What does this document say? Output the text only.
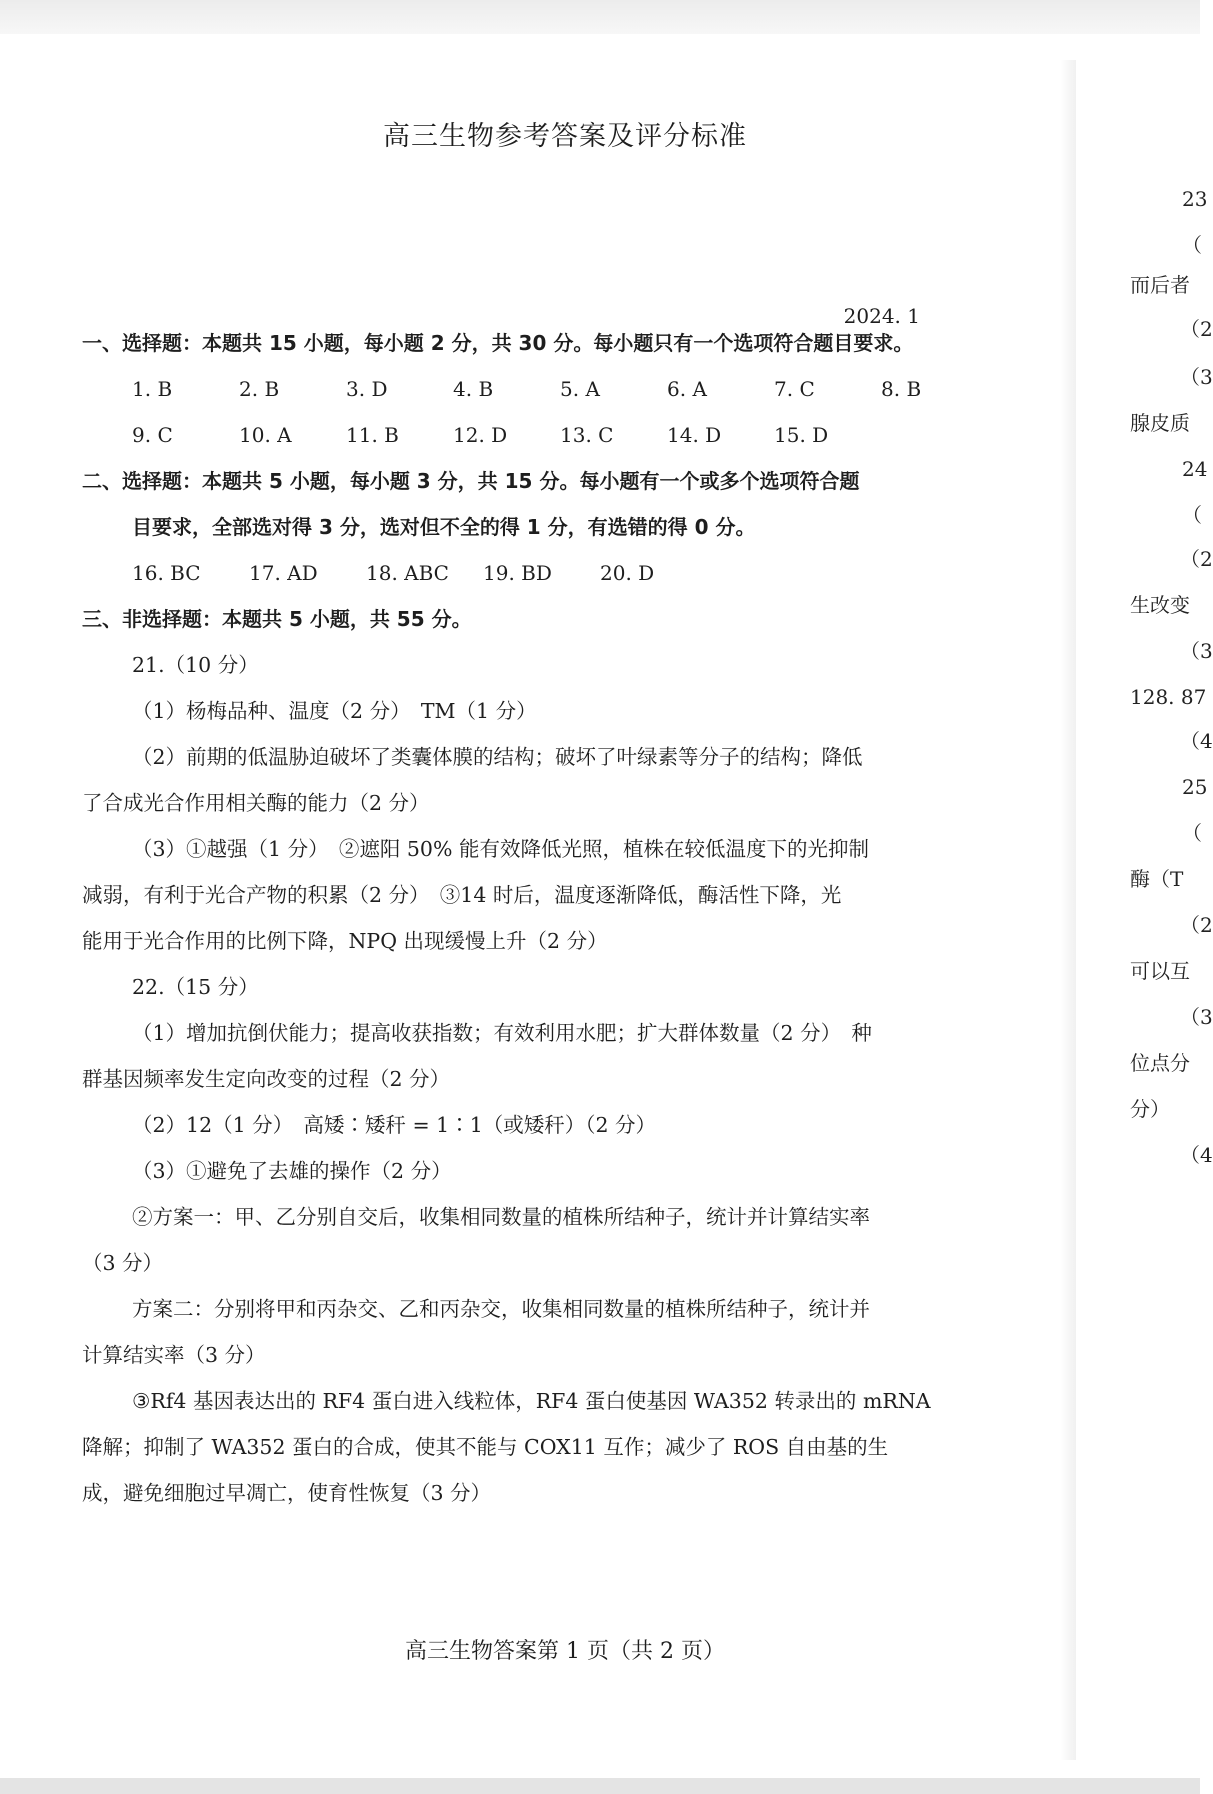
高三生物参考答案及评分标准
2024. 1
一、选择题：本题共 15 小题，每小题 2 分，共 30 分。每小题只有一个选项符合题目要求。
1. B	2. B	3. D	4. B	5. A	6. A	7. C	8. B
9. C	10. A	11. B	12. D	13. C	14. D	15. D
二、选择题：本题共 5 小题，每小题 3 分，共 15 分。每小题有一个或多个选项符合题
目要求，全部选对得 3 分，选对但不全的得 1 分，有选错的得 0 分。
16. BC 17. AD 18. ABC 19. BD 20. D
三、非选择题：本题共 5 小题，共 55 分。
21.（10 分）
（1）杨梅品种、温度（2 分）　TM（1 分）
（2）前期的低温胁迫破坏了类囊体膜的结构；破坏了叶绿素等分子的结构；降低
了合成光合作用相关酶的能力（2 分）
（3）①越强（1 分）　②遮阳 50% 能有效降低光照，植株在较低温度下的光抑制
减弱，有利于光合产物的积累（2 分）　③14 时后，温度逐渐降低，酶活性下降，光
能用于光合作用的比例下降，NPQ 出现缓慢上升（2 分）
22.（15 分）
（1）增加抗倒伏能力；提高收获指数；有效利用水肥；扩大群体数量（2 分）　种
群基因频率发生定向改变的过程（2 分）
（2）12（1 分）　高矮∶矮秆 = 1∶1（或矮秆）（2 分）
（3）①避免了去雄的操作（2 分）
②方案一：甲、乙分别自交后，收集相同数量的植株所结种子，统计并计算结实率
（3 分）
方案二：分别将甲和丙杂交、乙和丙杂交，收集相同数量的植株所结种子，统计并
计算结实率（3 分）
③Rf4 基因表达出的 RF4 蛋白进入线粒体，RF4 蛋白使基因 WA352 转录出的 mRNA
降解；抑制了 WA352 蛋白的合成，使其不能与 COX11 互作；减少了 ROS 自由基的生
成，避免细胞过早凋亡，使育性恢复（3 分）
高三生物答案第 1 页（共 2 页）
23
（
而后者
（2
（3
腺皮质
24
（
（2
生改变
（3
128. 87
（4
25
（
酶（T
（2
可以互
（3
位点分
分）
（4
